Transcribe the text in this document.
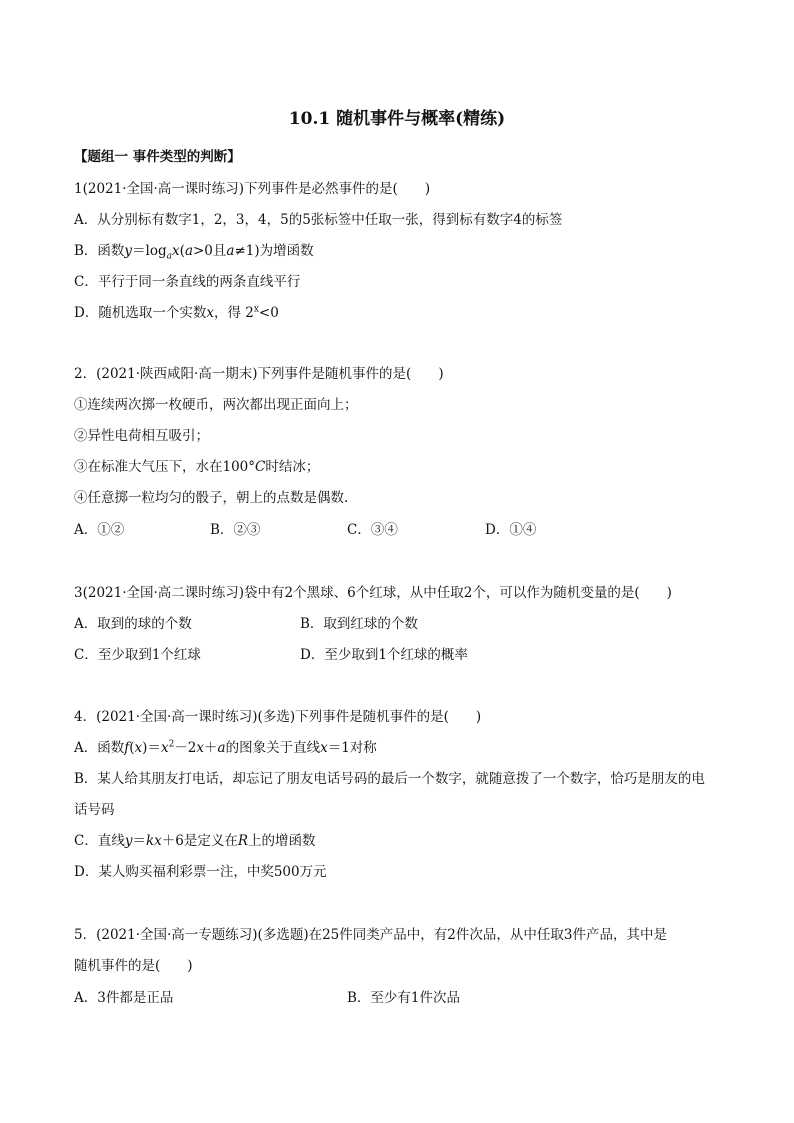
10.1 随机事件与概率(精练)
【题组一 事件类型的判断】
1(2021·全国·高一课时练习)下列事件是必然事件的是(　　)
A．从分别标有数字1，2，3，4，5的5张标签中任取一张，得到标有数字4的标签
B．函数$y=\log_ax(a>0$且a≠1)为增函数
C．平行于同一条直线的两条直线平行
D．随机选取一个实数x，得 $2^x<0$
2．(2021·陕西咸阳·高一期末)下列事件是随机事件的是(　　)
①连续两次掷一枚硬币，两次都出现正面向上；
②异性电荷相互吸引；
③在标准大气压下，水在100°C时结冰；
④任意掷一粒均匀的骰子，朝上的点数是偶数.
A．①②	B．②③	C．③④	D．①④
3(2021·全国·高二课时练习)袋中有2个黑球、6个红球，从中任取2个，可以作为随机变量的是(　　)
A．取到的球的个数	B．取到红球的个数
C．至少取到1个红球	D．至少取到1个红球的概率
4．(2021·全国·高一课时练习)(多选)下列事件是随机事件的是(　　)
A．函数$f(x)=x^2-2x+a$的图象关于直线x＝1对称
B．某人给其朋友打电话，却忘记了朋友电话号码的最后一个数字，就随意拨了一个数字，恰巧是朋友的电
话号码
C．直线y＝kx＋6是定义在R上的增函数
D．某人购买福利彩票一注，中奖500万元
5．(2021·全国·高一专题练习)(多选题)在25件同类产品中，有2件次品，从中任取3件产品，其中是
随机事件的是(　　)
A．3件都是正品	B．至少有1件次品
